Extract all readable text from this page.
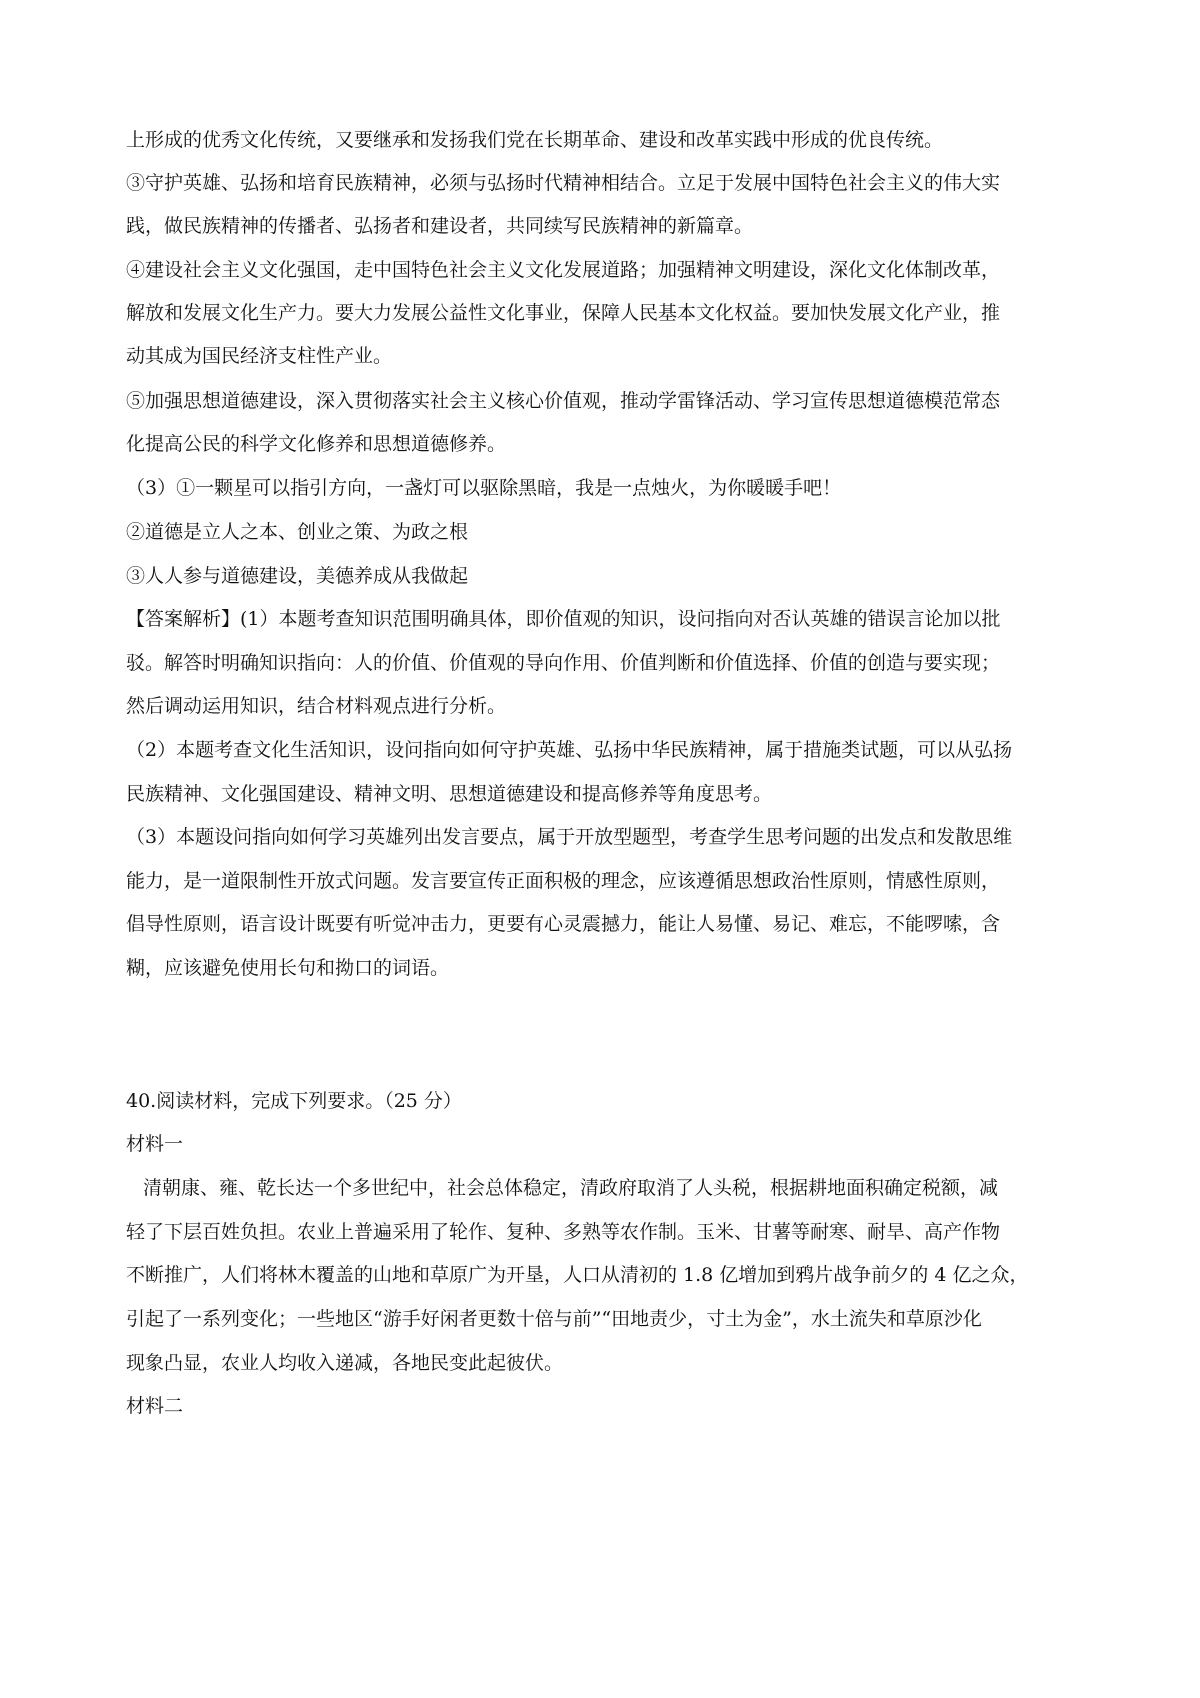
上形成的优秀文化传统，又要继承和发扬我们党在长期革命、建设和改革实践中形成的优良传统。
③守护英雄、弘扬和培育民族精神，必须与弘扬时代精神相结合。立足于发展中国特色社会主义的伟大实
践，做民族精神的传播者、弘扬者和建设者，共同续写民族精神的新篇章。
④建设社会主义文化强国，走中国特色社会主义文化发展道路；加强精神文明建设，深化文化体制改革，
解放和发展文化生产力。要大力发展公益性文化事业，保障人民基本文化权益。要加快发展文化产业，推
动其成为国民经济支柱性产业。
⑤加强思想道德建设，深入贯彻落实社会主义核心价值观，推动学雷锋活动、学习宣传思想道德模范常态
化提高公民的科学文化修养和思想道德修养。
（3）①一颗星可以指引方向，一盏灯可以驱除黑暗，我是一点烛火，为你暖暖手吧！
②道德是立人之本、创业之策、为政之根
③人人参与道德建设，美德养成从我做起
【答案解析】(1）本题考查知识范围明确具体，即价值观的知识，设问指向对否认英雄的错误言论加以批
驳。解答时明确知识指向：人的价值、价值观的导向作用、价值判断和价值选择、价值的创造与要实现；
然后调动运用知识，结合材料观点进行分析。
（2）本题考查文化生活知识，设问指向如何守护英雄、弘扬中华民族精神，属于措施类试题，可以从弘扬
民族精神、文化强国建设、精神文明、思想道德建设和提高修养等角度思考。
（3）本题设问指向如何学习英雄列出发言要点，属于开放型题型，考查学生思考问题的出发点和发散思维
能力，是一道限制性开放式问题。发言要宣传正面积极的理念，应该遵循思想政治性原则，情感性原则，
倡导性原则，语言设计既要有听觉冲击力，更要有心灵震撼力，能让人易懂、易记、难忘，不能啰嗦，含
糊，应该避免使用长句和拗口的词语。
40.阅读材料，完成下列要求。（25 分）
材料一
清朝康、雍、乾长达一个多世纪中，社会总体稳定，清政府取消了人头税，根据耕地面积确定税额，减
轻了下层百姓负担。农业上普遍采用了轮作、复种、多熟等农作制。玉米、甘薯等耐寒、耐旱、高产作物
不断推广，人们将林木覆盖的山地和草原广为开垦，人口从清初的 1.8 亿增加到鸦片战争前夕的 4 亿之众，
引起了一系列变化；一些地区“游手好闲者更数十倍与前”“田地责少，寸土为金”，水土流失和草原沙化
现象凸显，农业人均收入递减，各地民变此起彼伏。
材料二
